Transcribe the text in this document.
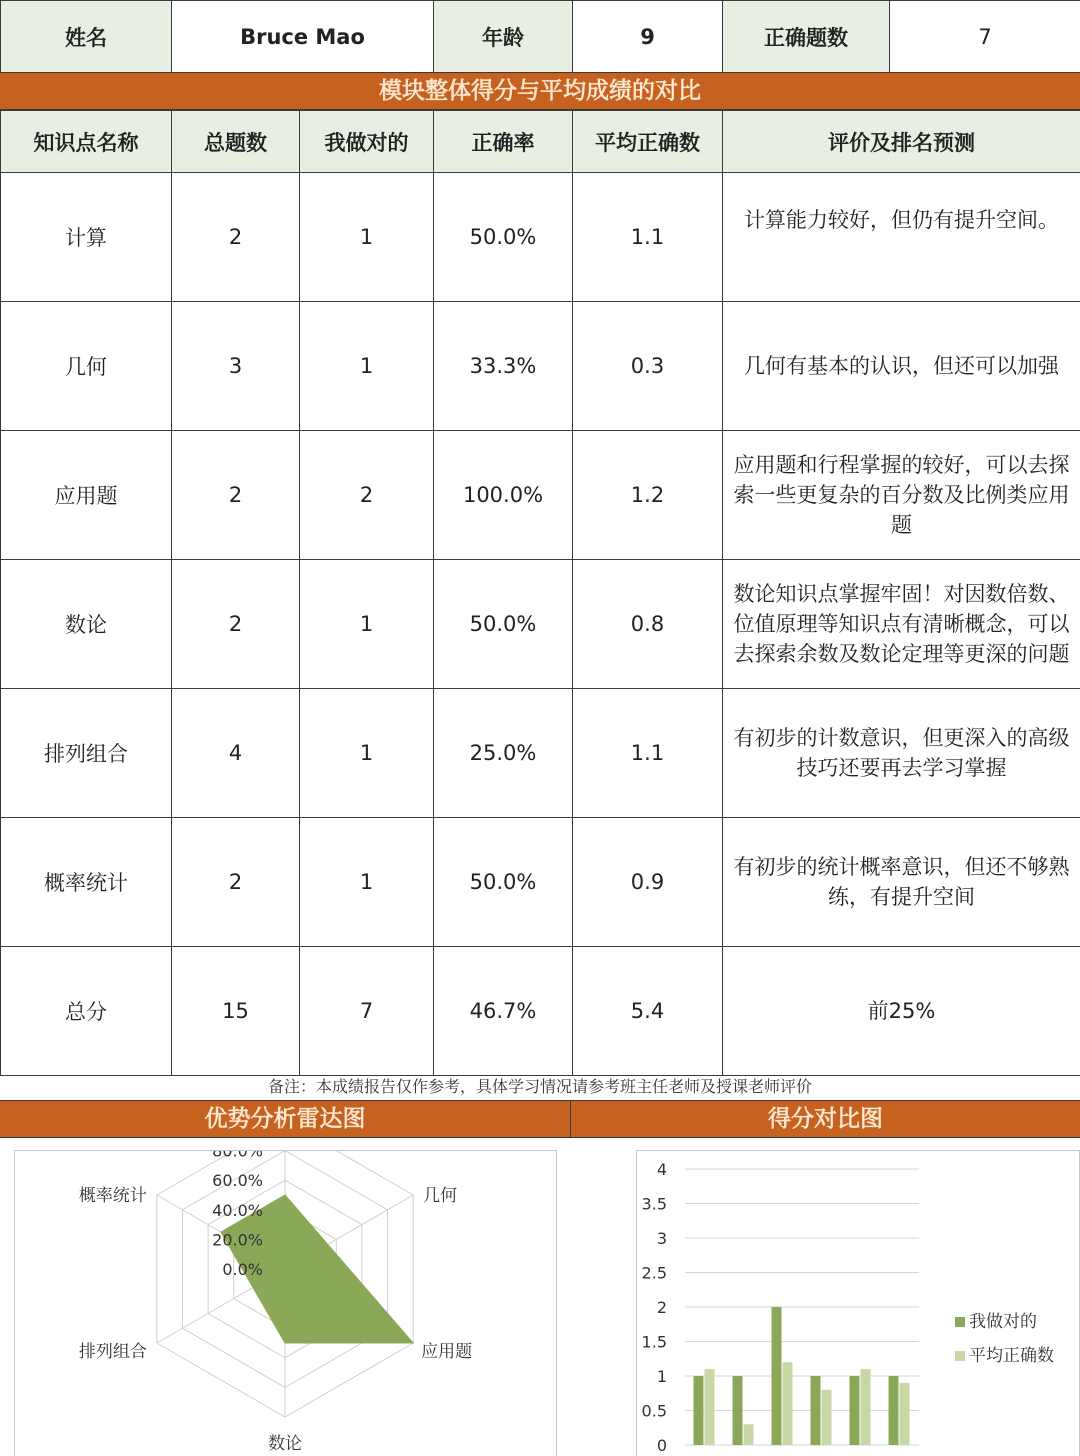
姓名	Bruce Mao	年龄	9	正确题数	7
模块整体得分与平均成绩的对比
知识点名称	总题数	我做对的	正确率	平均正确数	评价及排名预测
计算	2	1	50.0%	1.1	计算能力较好，但仍有提升空间。
几何	3	1	33.3%	0.3	几何有基本的认识，但还可以加强
应用题	2	2	100.0%	1.2	应用题和行程掌握的较好，可以去探索一些更复杂的百分数及比例类应用题
数论	2	1	50.0%	0.8	数论知识点掌握牢固！对因数倍数、位值原理等知识点有清晰概念，可以去探索余数及数论定理等更深的问题
排列组合	4	1	25.0%	1.1	有初步的计数意识，但更深入的高级技巧还要再去学习掌握
概率统计	2	1	50.0%	0.9	有初步的统计概率意识，但还不够熟练，有提升空间
总分	15	7	46.7%	5.4	前25%
备注：本成绩报告仅作参考，具体学习情况请参考班主任老师及授课老师评价
优势分析雷达图	得分对比图
80.0%
60.0%
40.0%
20.0%
0.0%
几何
应用题
数论
排列组合
概率统计
4
3.5
3
2.5
2
1.5
1
0.5
0
我做对的
平均正确数
